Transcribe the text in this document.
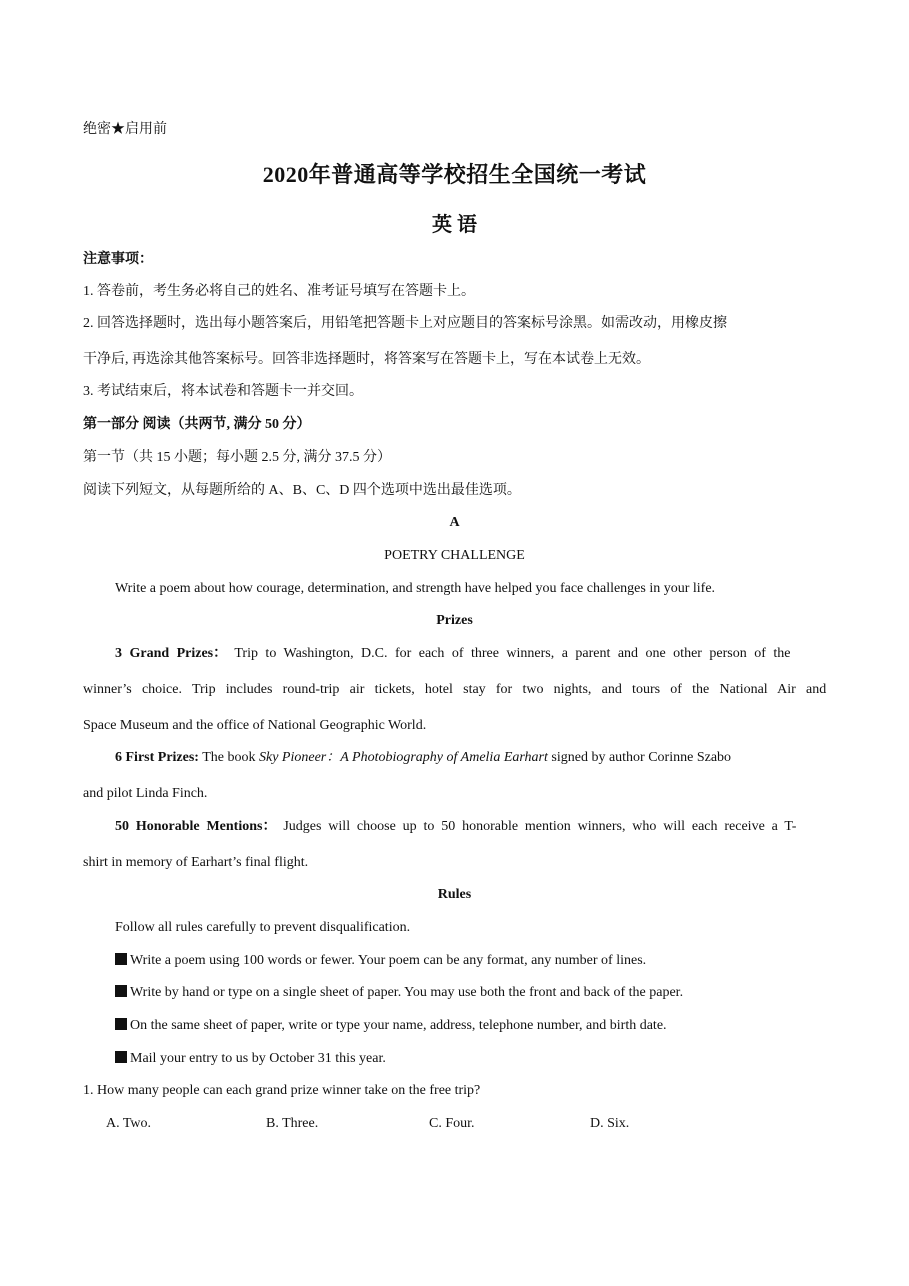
绝密★启用前
2020年普通高等学校招生全国统一考试
英 语
注意事项：
1. 答卷前，考生务必将自己的姓名、准考证号填写在答题卡上。
2. 回答选择题时，选出每小题答案后，用铅笔把答题卡上对应题目的答案标号涂黑。如需改动，用橡皮擦
干净后, 再选涂其他答案标号。回答非选择题时，将答案写在答题卡上，写在本试卷上无效。
3. 考试结束后，将本试卷和答题卡一并交回。
第一部分 阅读（共两节, 满分 50 分）
第一节（共 15 小题；每小题 2.5 分, 满分 37.5 分）
阅读下列短文，从每题所给的 A、B、C、D 四个选项中选出最佳选项。
A
POETRY CHALLENGE
Write a poem about how courage, determination, and strength have helped you face challenges in your life.
Prizes
3 Grand Prizes： Trip to Washington, D.C. for each of three winners, a parent and one other person of the
winner’s choice. Trip includes round-trip air tickets, hotel stay for two nights, and tours of the National Air and
Space Museum and the office of National Geographic World.
6 First Prizes: The book Sky Pioneer：A Photobiography of Amelia Earhart signed by author Corinne Szabo
and pilot Linda Finch.
50 Honorable Mentions： Judges will choose up to 50 honorable mention winners, who will each receive a T-
shirt in memory of Earhart’s final flight.
Rules
Follow all rules carefully to prevent disqualification.
Write a poem using 100 words or fewer. Your poem can be any format, any number of lines.
Write by hand or type on a single sheet of paper. You may use both the front and back of the paper.
On the same sheet of paper, write or type your name, address, telephone number, and birth date.
Mail your entry to us by October 31 this year.
1. How many people can each grand prize winner take on the free trip?
A. Two.	B. Three.	C. Four.	D. Six.
